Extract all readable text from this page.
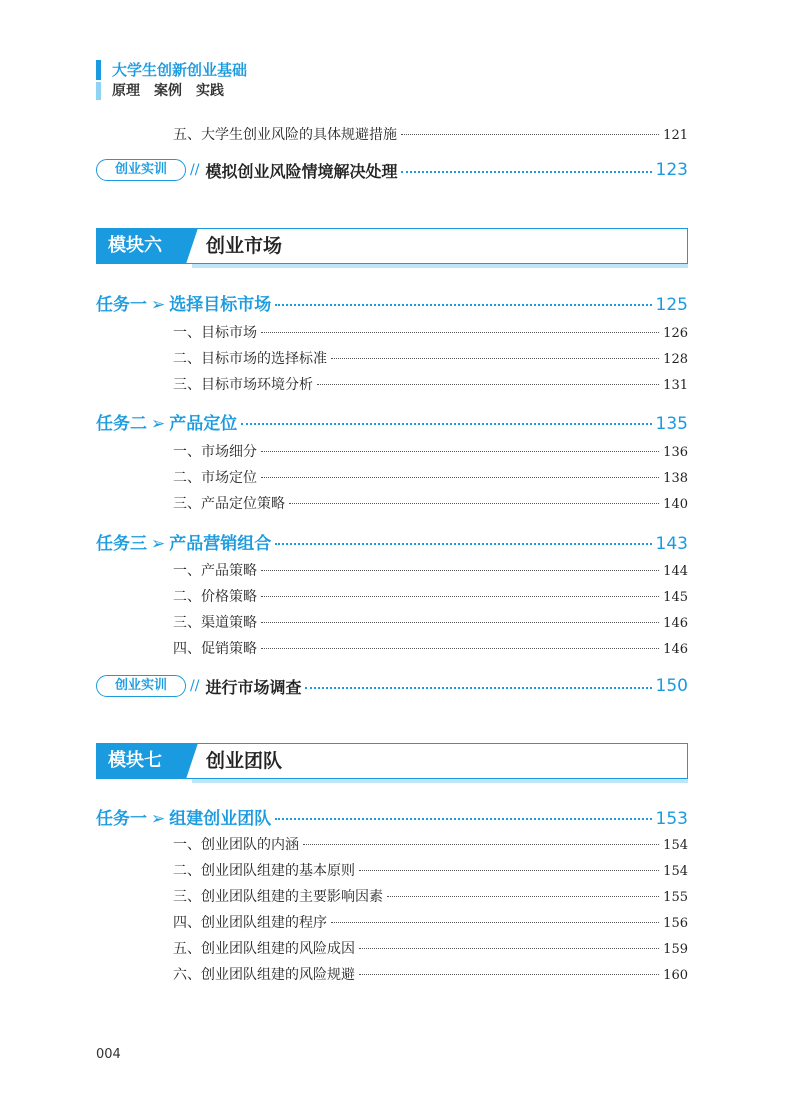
大学生创新创业基础
原理　案例　实践
五、大学生创业风险的具体规避措施	121
创业实训	// 模拟创业风险情境解决处理	123
模块六	创业市场
任务一 ➢ 选择目标市场	125
一、目标市场	126
二、目标市场的选择标准	128
三、目标市场环境分析	131
任务二 ➢ 产品定位	135
一、市场细分	136
二、市场定位	138
三、产品定位策略	140
任务三 ➢ 产品营销组合	143
一、产品策略	144
二、价格策略	145
三、渠道策略	146
四、促销策略	146
创业实训	// 进行市场调查	150
模块七	创业团队
任务一 ➢ 组建创业团队	153
一、创业团队的内涵	154
二、创业团队组建的基本原则	154
三、创业团队组建的主要影响因素	155
四、创业团队组建的程序	156
五、创业团队组建的风险成因	159
六、创业团队组建的风险规避	160
004
